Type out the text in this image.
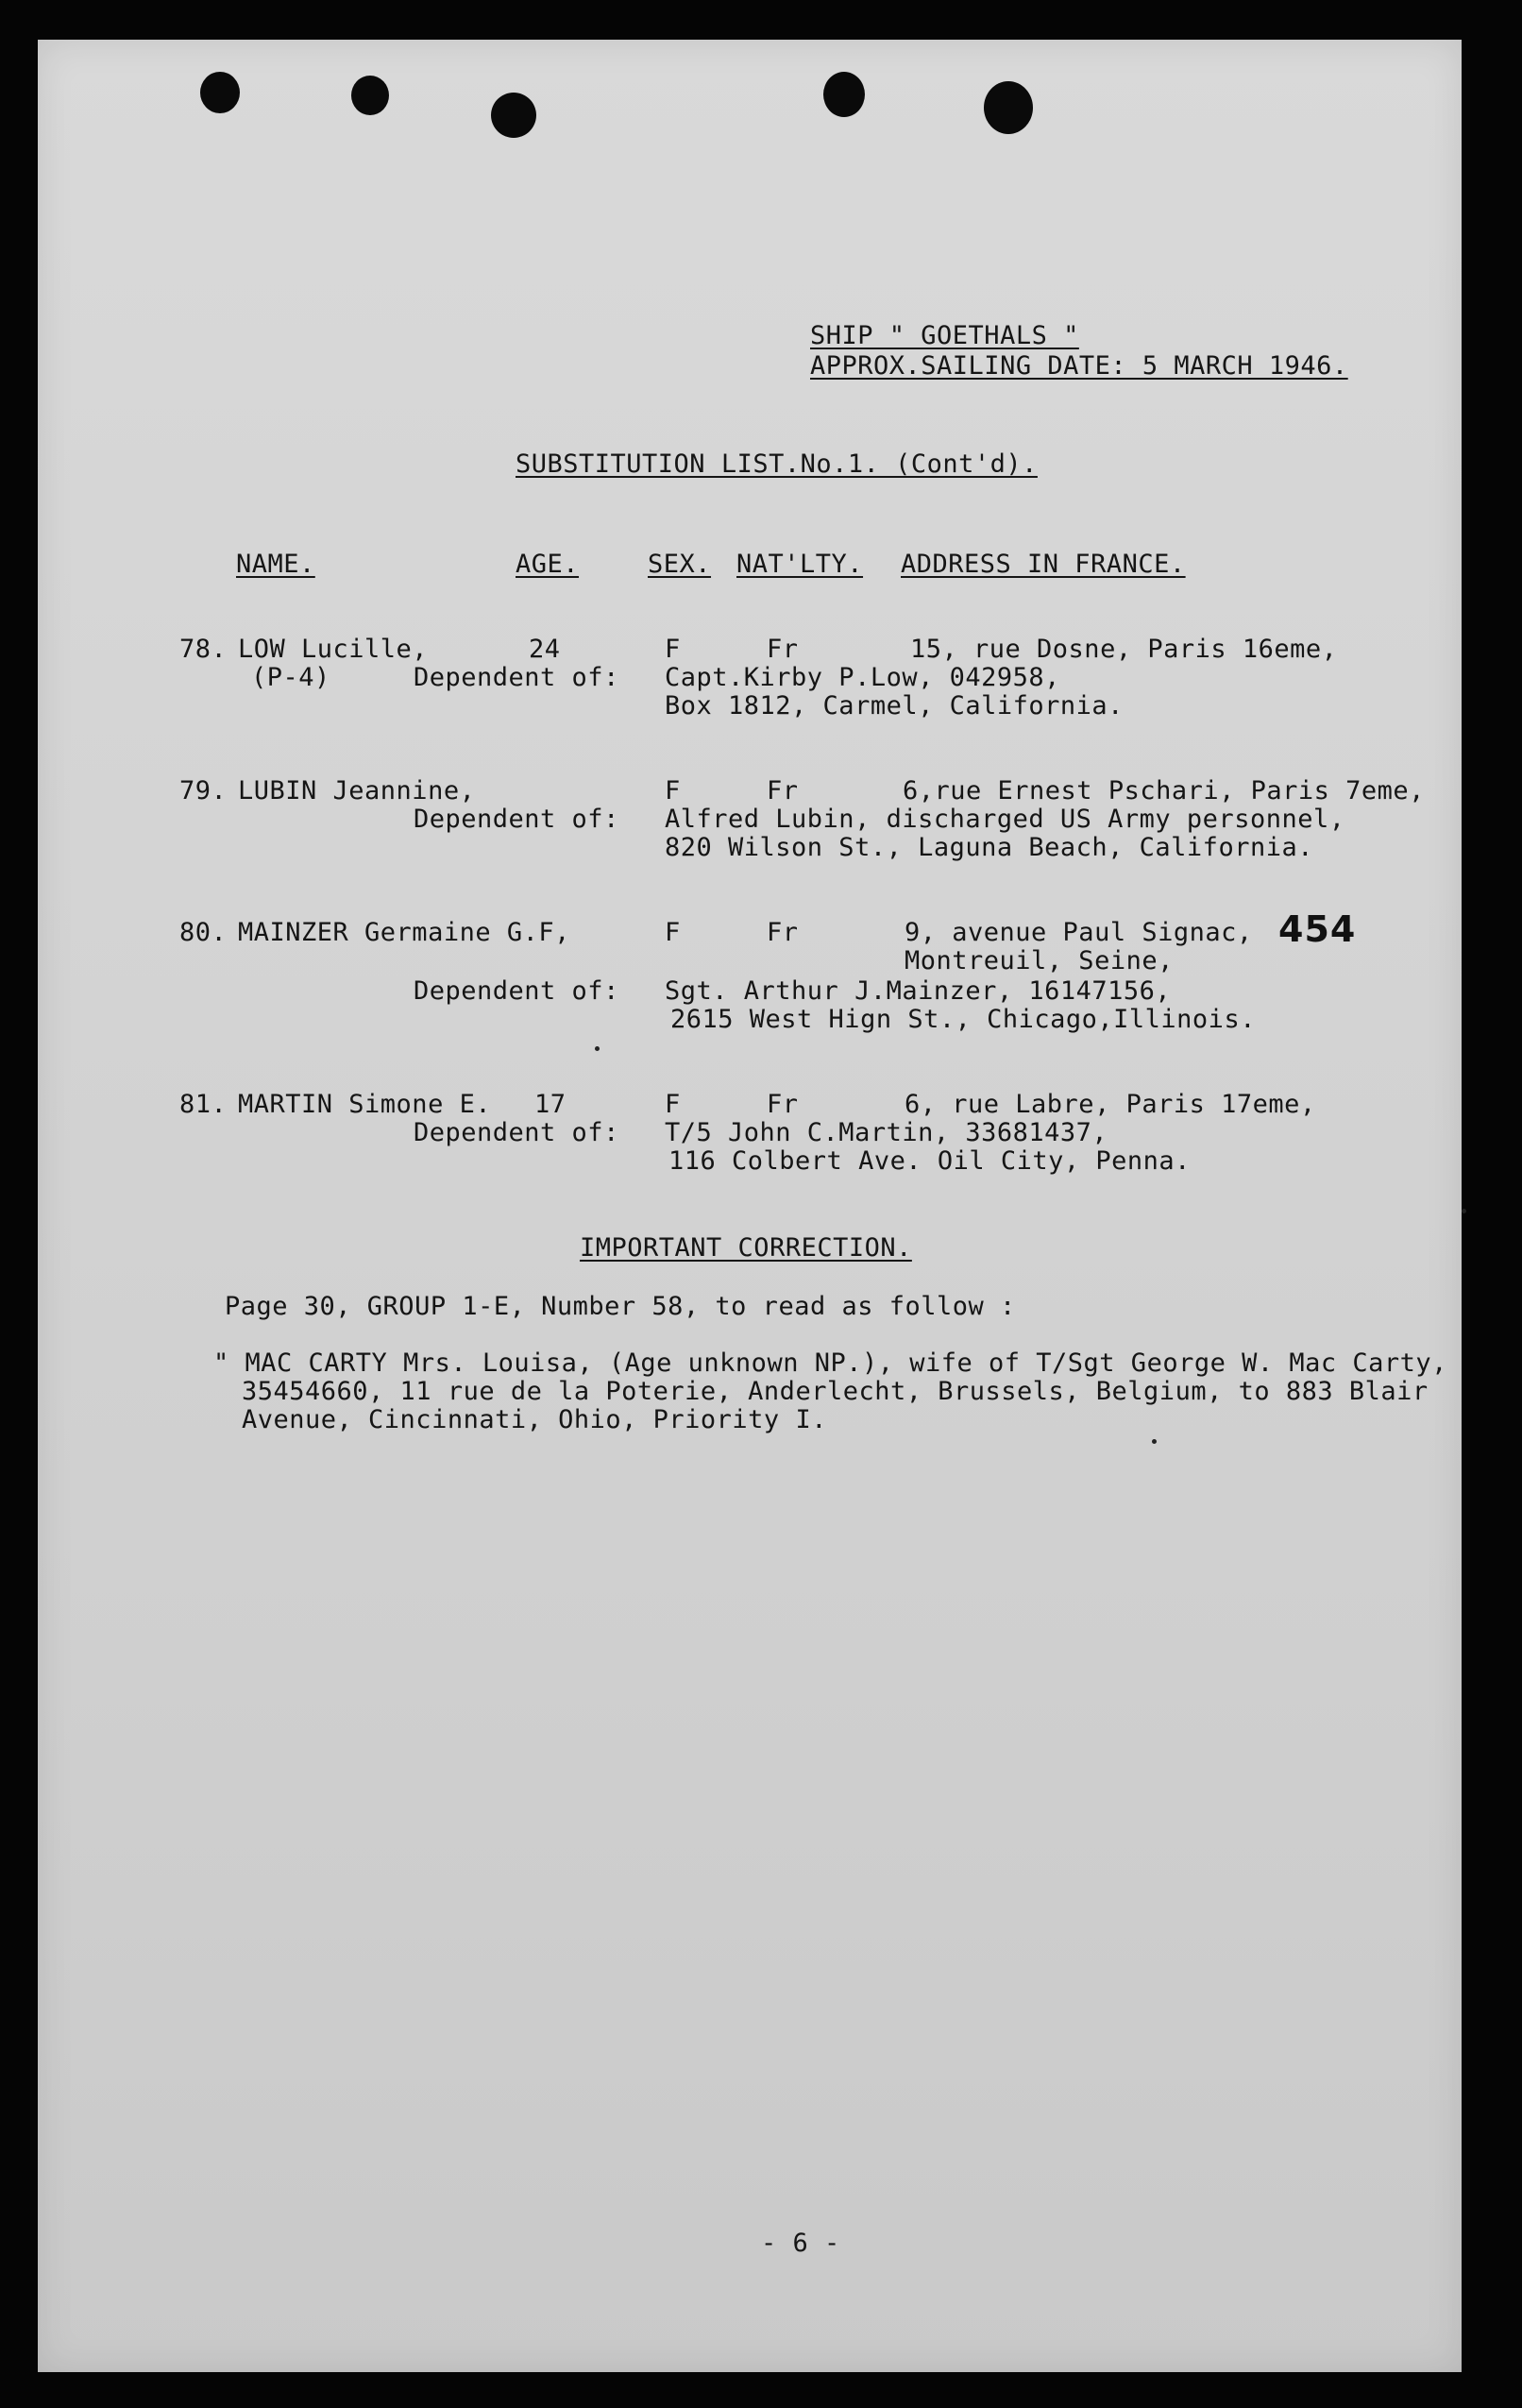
SHIP " GOETHALS "
APPROX.SAILING DATE: 5 MARCH 1946.
SUBSTITUTION LIST.No.1. (Cont'd).
NAME.	AGE.	SEX. NAT'LTY. ADDRESS IN FRANCE.
78. LOW Lucille,	24	F	Fr	15, rue Dosne, Paris 16eme,
(P-4)	Dependent of: Capt.Kirby P.Low, 042958,
Box 1812, Carmel, California.
79. LUBIN Jeannine,	F	Fr	6,rue Ernest Pschari, Paris 7eme,
Dependent of: Alfred Lubin, discharged US Army personnel,
820 Wilson St., Laguna Beach, California.
80. MAINZER Germaine G.F,	F	Fr	9, avenue Paul Signac, 454
Montreuil, Seine,
Dependent of: Sgt. Arthur J.Mainzer, 16147156,
2615 West Hign St., Chicago,Illinois.
81. MARTIN Simone E. 17	F	Fr	6, rue Labre, Paris 17eme,
Dependent of: T/5 John C.Martin, 33681437,
116 Colbert Ave. Oil City, Penna.
IMPORTANT CORRECTION.
Page 30, GROUP 1-E, Number 58, to read as follow :
" MAC CARTY Mrs. Louisa, (Age unknown NP.), wife of T/Sgt George W. Mac Carty,
35454660, 11 rue de la Poterie, Anderlecht, Brussels, Belgium, to 883 Blair
Avenue, Cincinnati, Ohio, Priority I.
- 6 -
